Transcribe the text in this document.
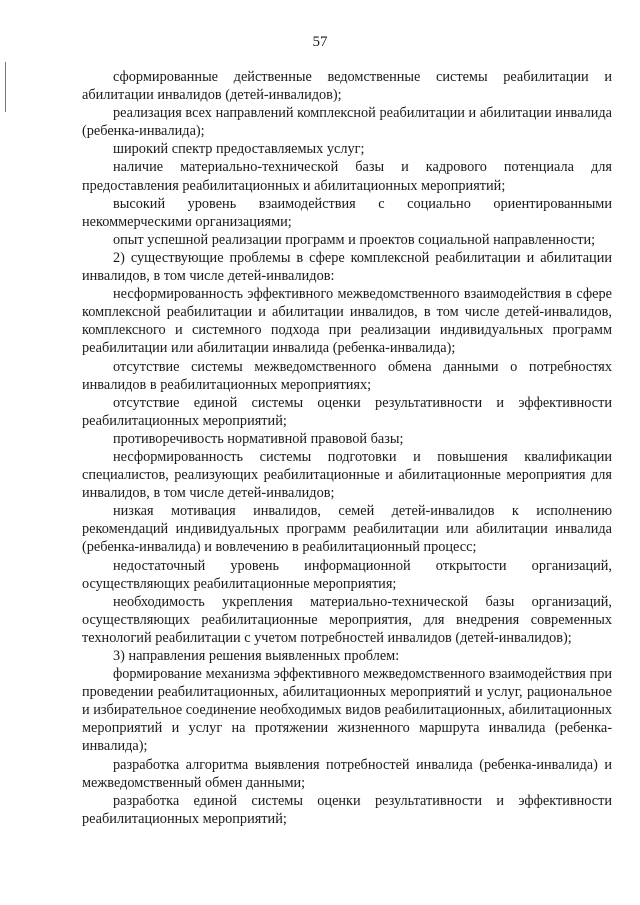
57

сформированные действенные ведомственные системы реабилитации и абилитации инвалидов (детей-инвалидов);

реализация всех направлений комплексной реабилитации и абилитации инвалида (ребенка-инвалида);

широкий спектр предоставляемых услуг;

наличие материально-технической базы и кадрового потенциала для предоставления реабилитационных и абилитационных мероприятий;

высокий уровень взаимодействия с социально ориентированными некоммерческими организациями;

опыт успешной реализации программ и проектов социальной направленности;

2) существующие проблемы в сфере комплексной реабилитации и абилитации инвалидов, в том числе детей-инвалидов:

несформированность эффективного межведомственного взаимодействия в сфере комплексной реабилитации и абилитации инвалидов, в том числе детей-инвалидов, комплексного и системного подхода при реализации индивидуальных программ реабилитации или абилитации инвалида (ребенка-инвалида);

отсутствие системы межведомственного обмена данными о потребностях инвалидов в реабилитационных мероприятиях;

отсутствие единой системы оценки результативности и эффективности реабилитационных мероприятий;

противоречивость нормативной правовой базы;

несформированность системы подготовки и повышения квалификации специалистов, реализующих реабилитационные и абилитационные мероприятия для инвалидов, в том числе детей-инвалидов;

низкая мотивация инвалидов, семей детей-инвалидов к исполнению рекомендаций индивидуальных программ реабилитации или абилитации инвалида (ребенка-инвалида) и вовлечению в реабилитационный процесс;

недостаточный уровень информационной открытости организаций, осуществляющих реабилитационные мероприятия;

необходимость укрепления материально-технической базы организаций, осуществляющих реабилитационные мероприятия, для внедрения современных технологий реабилитации с учетом потребностей инвалидов (детей-инвалидов);

3) направления решения выявленных проблем:

формирование механизма эффективного межведомственного взаимодействия при проведении реабилитационных, абилитационных мероприятий и услуг, рациональное и избирательное соединение необходимых видов реабилитационных, абилитационных мероприятий и услуг на протяжении жизненного маршрута инвалида (ребенка-инвалида);

разработка алгоритма выявления потребностей инвалида (ребенка-инвалида) и межведомственный обмен данными;

разработка единой системы оценки результативности и эффективности реабилитационных мероприятий;
